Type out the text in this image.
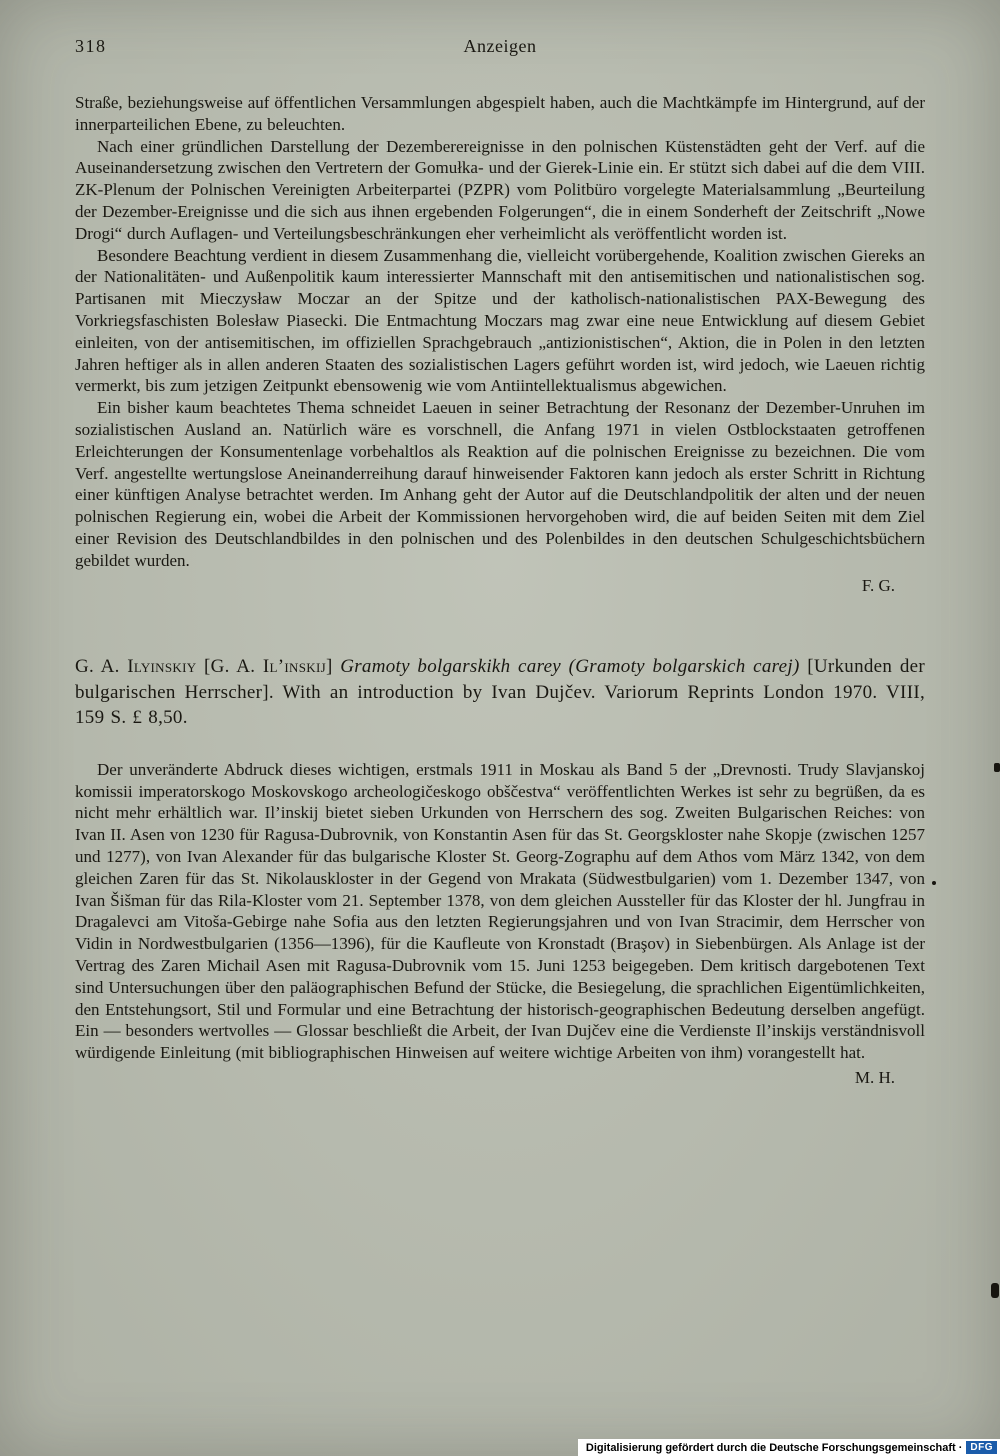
318	Anzeigen

Straße, beziehungsweise auf öffentlichen Versammlungen abgespielt haben, auch die Machtkämpfe im Hintergrund, auf der innerparteilichen Ebene, zu beleuchten.

Nach einer gründlichen Darstellung der Dezemberereignisse in den polnischen Küstenstädten geht der Verf. auf die Auseinandersetzung zwischen den Vertretern der Gomułka- und der Gierek-Linie ein. Er stützt sich dabei auf die dem VIII. ZK-Plenum der Polnischen Vereinigten Arbeiterpartei (PZPR) vom Politbüro vorgelegte Materialsammlung „Beurteilung der Dezember-Ereignisse und die sich aus ihnen ergebenden Folgerungen“, die in einem Sonderheft der Zeitschrift „Nowe Drogi“ durch Auflagen- und Verteilungsbeschränkungen eher verheimlicht als veröffentlicht worden ist.

Besondere Beachtung verdient in diesem Zusammenhang die, vielleicht vorübergehende, Koalition zwischen Giereks an der Nationalitäten- und Außenpolitik kaum interessierter Mannschaft mit den antisemitischen und nationalistischen sog. Partisanen mit Mieczysław Moczar an der Spitze und der katholisch-nationalistischen PAX-Bewegung des Vorkriegsfaschisten Bolesław Piasecki. Die Entmachtung Moczars mag zwar eine neue Entwicklung auf diesem Gebiet einleiten, von der antisemitischen, im offiziellen Sprachgebrauch „antizionistischen“, Aktion, die in Polen in den letzten Jahren heftiger als in allen anderen Staaten des sozialistischen Lagers geführt worden ist, wird jedoch, wie Laeuen richtig vermerkt, bis zum jetzigen Zeitpunkt ebensowenig wie vom Antiintellektualismus abgewichen.

Ein bisher kaum beachtetes Thema schneidet Laeuen in seiner Betrachtung der Resonanz der Dezember-Unruhen im sozialistischen Ausland an. Natürlich wäre es vorschnell, die Anfang 1971 in vielen Ostblockstaaten getroffenen Erleichterungen der Konsumentenlage vorbehaltlos als Reaktion auf die polnischen Ereignisse zu bezeichnen. Die vom Verf. angestellte wertungslose Aneinanderreihung darauf hinweisender Faktoren kann jedoch als erster Schritt in Richtung einer künftigen Analyse betrachtet werden. Im Anhang geht der Autor auf die Deutschlandpolitik der alten und der neuen polnischen Regierung ein, wobei die Arbeit der Kommissionen hervorgehoben wird, die auf beiden Seiten mit dem Ziel einer Revision des Deutschlandbildes in den polnischen und des Polenbildes in den deutschen Schulgeschichtsbüchern gebildet wurden.

F. G.
G. A. Ilyinskiy [G. A. Il’inskij] Gramoty bolgarskikh carey (Gramoty bolgarskich carej) [Urkunden der bulgarischen Herrscher]. With an introduction by Ivan Dujčev. Variorum Reprints London 1970. VIII, 159 S. £ 8,50.

Der unveränderte Abdruck dieses wichtigen, erstmals 1911 in Moskau als Band 5 der „Drevnosti. Trudy Slavjanskoj komissii imperatorskogo Moskovskogo archeologičeskogo obščestva“ veröffentlichten Werkes ist sehr zu begrüßen, da es nicht mehr erhältlich war. Il’inskij bietet sieben Urkunden von Herrschern des sog. Zweiten Bulgarischen Reiches: von Ivan II. Asen von 1230 für Ragusa-Dubrovnik, von Konstantin Asen für das St. Georgskloster nahe Skopje (zwischen 1257 und 1277), von Ivan Alexander für das bulgarische Kloster St. Georg-Zographu auf dem Athos vom März 1342, von dem gleichen Zaren für das St. Nikolauskloster in der Gegend von Mrakata (Südwestbulgarien) vom 1. Dezember 1347, von Ivan Šišman für das Rila-Kloster vom 21. September 1378, von dem gleichen Aussteller für das Kloster der hl. Jungfrau in Dragalevci am Vitoša-Gebirge nahe Sofia aus den letzten Regierungsjahren und von Ivan Stracimir, dem Herrscher von Vidin in Nordwestbulgarien (1356—1396), für die Kaufleute von Kronstadt (Braşov) in Siebenbürgen. Als Anlage ist der Vertrag des Zaren Michail Asen mit Ragusa-Dubrovnik vom 15. Juni 1253 beigegeben. Dem kritisch dargebotenen Text sind Untersuchungen über den paläographischen Befund der Stücke, die Besiegelung, die sprachlichen Eigentümlichkeiten, den Entstehungsort, Stil und Formular und eine Betrachtung der historisch-geographischen Bedeutung derselben angefügt. Ein — besonders wertvolles — Glossar beschließt die Arbeit, der Ivan Dujčev eine die Verdienste Il’inskijs verständnisvoll würdigende Einleitung (mit bibliographischen Hinweisen auf weitere wichtige Arbeiten von ihm) vorangestellt hat.

M. H.
Digitalisierung gefördert durch die Deutsche Forschungsgemeinschaft · DFG
